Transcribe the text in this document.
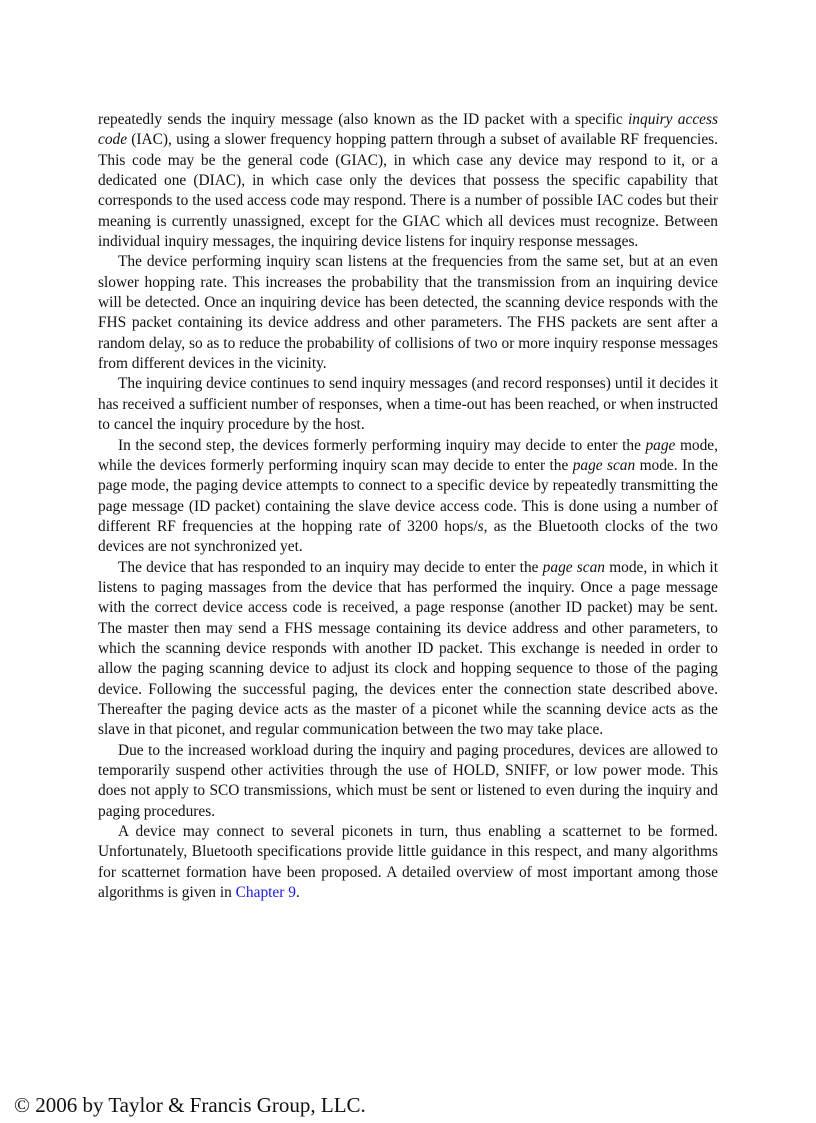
repeatedly sends the inquiry message (also known as the ID packet with a specific inquiry access code (IAC), using a slower frequency hopping pattern through a subset of available RF frequencies. This code may be the general code (GIAC), in which case any device may respond to it, or a dedicated one (DIAC), in which case only the devices that possess the specific capability that corresponds to the used access code may respond. There is a number of possible IAC codes but their meaning is currently unassigned, except for the GIAC which all devices must recognize. Between individual inquiry messages, the inquiring device listens for inquiry response messages.

The device performing inquiry scan listens at the frequencies from the same set, but at an even slower hopping rate. This increases the probability that the transmission from an inquiring device will be detected. Once an inquiring device has been detected, the scanning device responds with the FHS packet containing its device address and other parameters. The FHS packets are sent after a random delay, so as to reduce the probability of collisions of two or more inquiry response messages from different devices in the vicinity.

The inquiring device continues to send inquiry messages (and record responses) until it decides it has received a sufficient number of responses, when a time-out has been reached, or when instructed to cancel the inquiry procedure by the host.

In the second step, the devices formerly performing inquiry may decide to enter the page mode, while the devices formerly performing inquiry scan may decide to enter the page scan mode. In the page mode, the paging device attempts to connect to a specific device by repeatedly transmitting the page message (ID packet) containing the slave device access code. This is done using a number of different RF frequencies at the hopping rate of 3200 hops/s, as the Bluetooth clocks of the two devices are not synchronized yet.

The device that has responded to an inquiry may decide to enter the page scan mode, in which it listens to paging massages from the device that has performed the inquiry. Once a page message with the correct device access code is received, a page response (another ID packet) may be sent. The master then may send a FHS message containing its device address and other parameters, to which the scanning device responds with another ID packet. This exchange is needed in order to allow the paging scanning device to adjust its clock and hopping sequence to those of the paging device. Following the successful paging, the devices enter the connection state described above. Thereafter the paging device acts as the master of a piconet while the scanning device acts as the slave in that piconet, and regular communication between the two may take place.

Due to the increased workload during the inquiry and paging procedures, devices are allowed to temporarily suspend other activities through the use of HOLD, SNIFF, or low power mode. This does not apply to SCO transmissions, which must be sent or listened to even during the inquiry and paging procedures.

A device may connect to several piconets in turn, thus enabling a scatternet to be formed. Unfortunately, Bluetooth specifications provide little guidance in this respect, and many algorithms for scatternet formation have been proposed. A detailed overview of most important among those algorithms is given in Chapter 9.

© 2006 by Taylor & Francis Group, LLC.
